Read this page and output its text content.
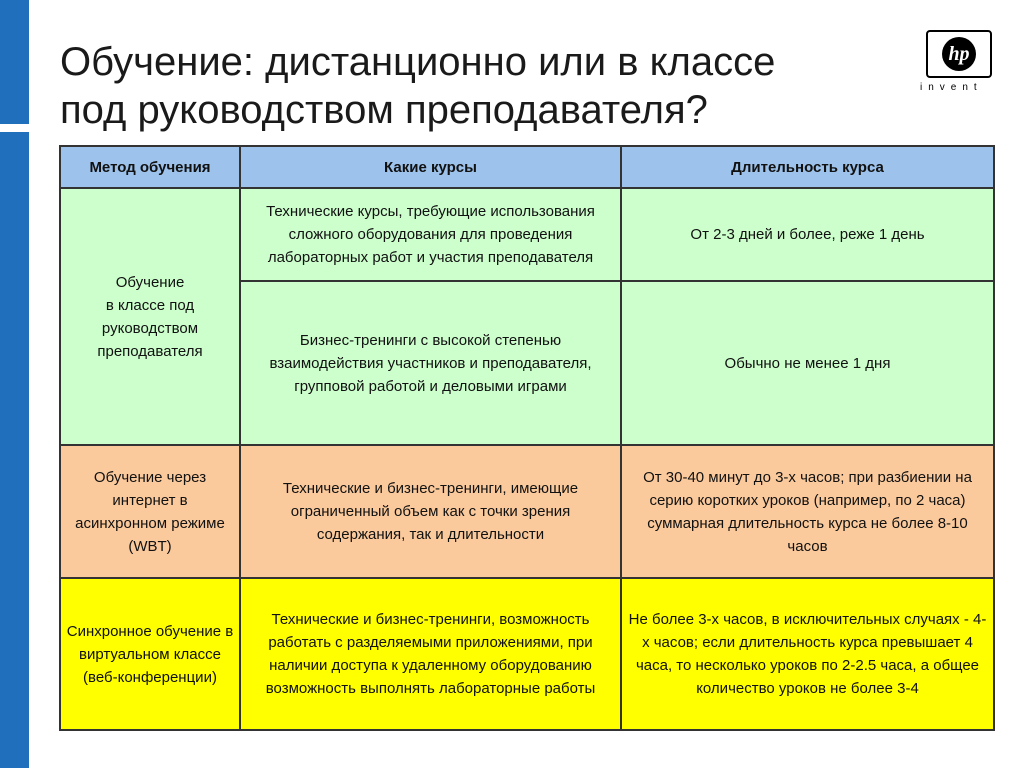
Обучение: дистанционно или в классе
под руководством преподавателя?
hp
invent
Метод обучения	Какие курсы	Длительность курса

Обучение
в классе под
руководством
преподавателя	Технические курсы, требующие использования сложного оборудования для проведения лабораторных работ и участия преподавателя	От 2-3 дней и более, реже 1 день
	Бизнес-тренинги с высокой степенью взаимодействия участников и преподавателя, групповой работой и деловыми играми	Обычно не менее 1 дня
Обучение через интернет в асинхронном режиме (WBT)	Технические и бизнес-тренинги, имеющие ограниченный объем как с точки зрения содержания, так и длительности	От 30-40 минут до 3-х часов; при разбиении на серию коротких уроков (например, по 2 часа) суммарная длительность курса не более 8-10 часов
Синхронное обучение в виртуальном классе (веб-конференции)	Технические и бизнес-тренинги, возможность работать с разделяемыми приложениями, при наличии доступа к удаленному оборудованию возможность выполнять лабораторные работы	Не более 3-х часов, в исключительных случаях - 4-х часов; если длительность курса превышает 4 часа, то несколько уроков по 2-2.5 часа, а общее количество уроков не более 3-4
